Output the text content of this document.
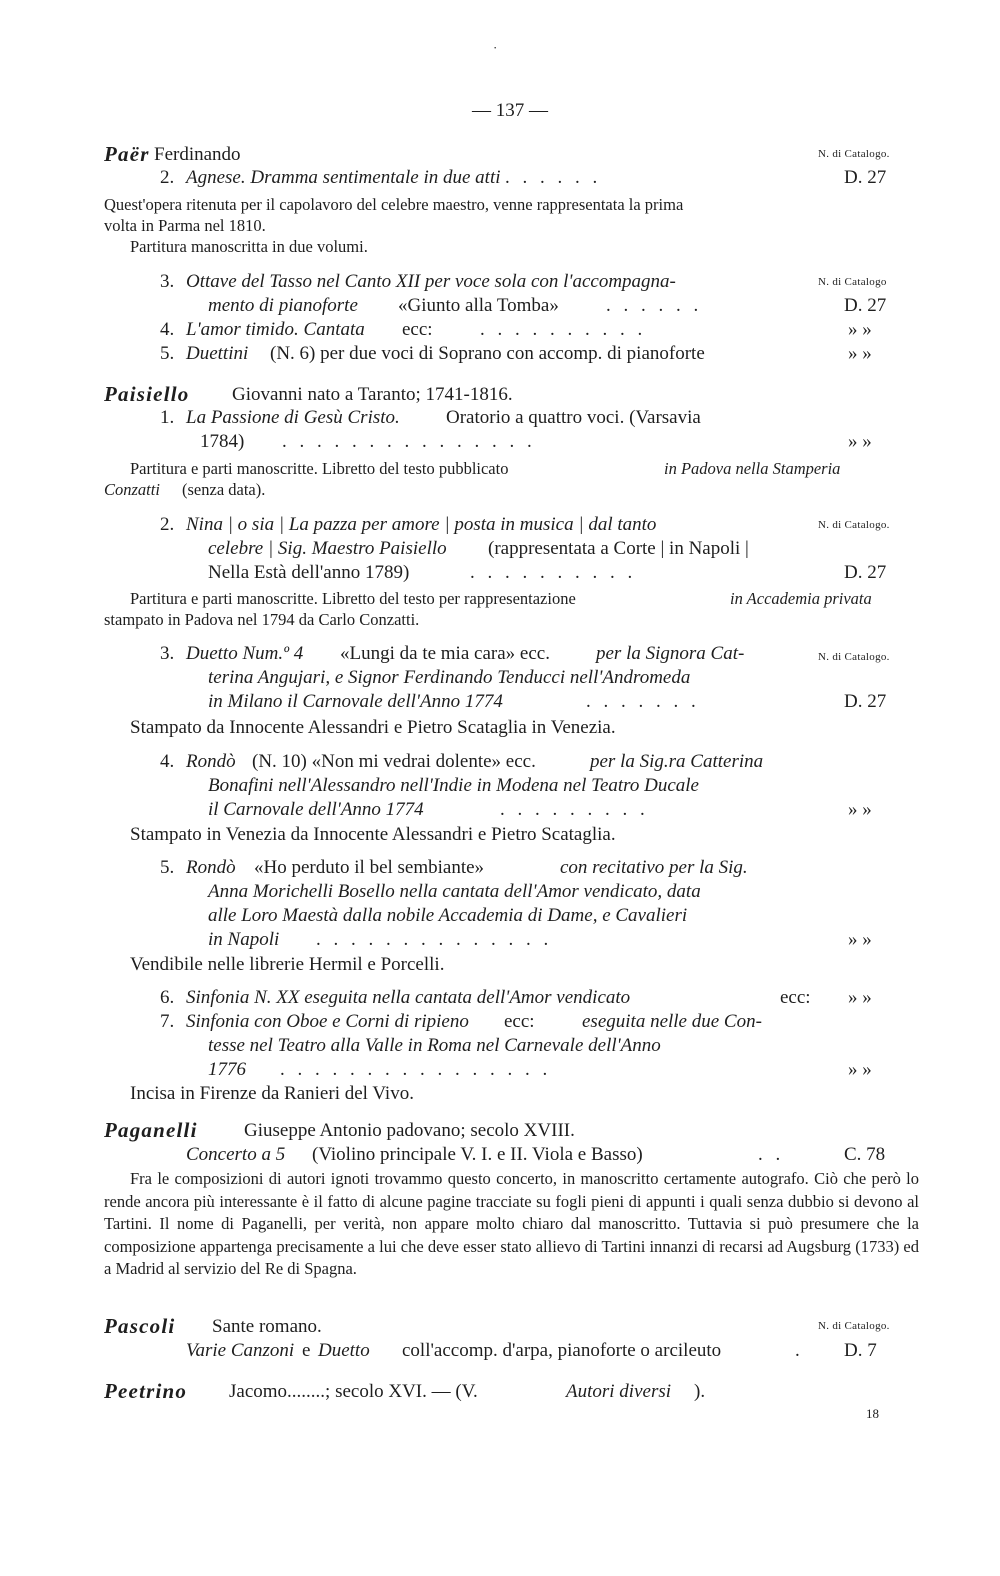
·
— 137 —
Paër Ferdinando	N. di Catalogo.
2. Agnese. Dramma sentimentale in due atti . . . . . .	D. 27
Quest'opera ritenuta per il capolavoro del celebre maestro, venne rappresentata la prima
volta in Parma nel 1810.
Partitura manoscritta in due volumi.
3. Ottave del Tasso nel Canto XII per voce sola con l'accompagna-	N. di Catalogo
mento di pianoforte «Giunto alla Tomba» . . . . . .	D. 27
4. L'amor timido. Cantata ecc: . . . . . . . . . .	» »
5. Duettini (N. 6) per due voci di Soprano con accomp. di pianoforte	» »
Paisiello Giovanni nato a Taranto; 1741-1816.
1. La Passione di Gesù Cristo. Oratorio a quattro voci. (Varsavia
1784) . . . . . . . . . . . . . . .	» »
Partitura e parti manoscritte. Libretto del testo pubblicato	in Padova nella Stamperia
Conzatti (senza data).
2. Nina | o sia | La pazza per amore | posta in musica | dal tanto	N. di Catalogo.
celebre | Sig. Maestro Paisiello (rappresentata a Corte | in Napoli |
Nella Està dell'anno 1789)	. . . . . . . . . .	D. 27
Partitura e parti manoscritte. Libretto del testo per rappresentazione	in Accademia privata
stampato in Padova nel 1794 da Carlo Conzatti.
3. Duetto Num.º 4 «Lungi da te mia cara» ecc. per la Signora Cat-	N. di Catalogo.
terina Angujari, e Signor Ferdinando Tenducci nell'Andromeda
in Milano il Carnovale dell'Anno 1774	. . . . . . .	D. 27
Stampato da Innocente Alessandri e Pietro Scataglia in Venezia.
4. Rondò (N. 10) «Non mi vedrai dolente» ecc.	per la Sig.ra Catterina
Bonafini nell'Alessandro nell'Indie in Modena nel Teatro Ducale
il Carnovale dell'Anno 1774	. . . . . . . . .	» »
Stampato in Venezia da Innocente Alessandri e Pietro Scataglia.
5. Rondò «Ho perduto il bel sembiante»	con recitativo per la Sig.
Anna Morichelli Bosello nella cantata dell'Amor vendicato, data
alle Loro Maestà dalla nobile Accademia di Dame, e Cavalieri
in Napoli . . . . . . . . . . . . . .	» »
Vendibile nelle librerie Hermil e Porcelli.
6. Sinfonia N. XX eseguita nella cantata dell'Amor vendicato	ecc: » »
7. Sinfonia con Oboe e Corni di ripieno ecc: eseguita nelle due Con-
tesse nel Teatro alla Valle in Roma nel Carnevale dell'Anno
1776 . . . . . . . . . . . . . . . .	» »
Incisa in Firenze da Ranieri del Vivo.
Paganelli Giuseppe Antonio padovano; secolo XVIII.
Concerto a 5 (Violino principale V. I. e II. Viola e Basso)	. .	C. 78
Fra le composizioni di autori ignoti trovammo questo concerto, in manoscritto certamente autografo. Ciò che però lo rende ancora più interessante è il fatto di alcune pagine tracciate su fogli pieni di appunti i quali senza dubbio si devono al Tartini. Il nome di Paganelli, per verità, non appare molto chiaro dal manoscritto. Tuttavia si può presumere che la composizione appartenga precisamente a lui che deve esser stato allievo di Tartini innanzi di recarsi ad Augsburg (1733) ed a Madrid al servizio del Re di Spagna.
Pascoli Sante romano.	N. di Catalogo.
Varie Canzoni e Duetto coll'accomp. d'arpa, pianoforte o arcileuto	. D. 7
Peetrino Jacomo........; secolo XVI. — (V.	Autori diversi ).
18
